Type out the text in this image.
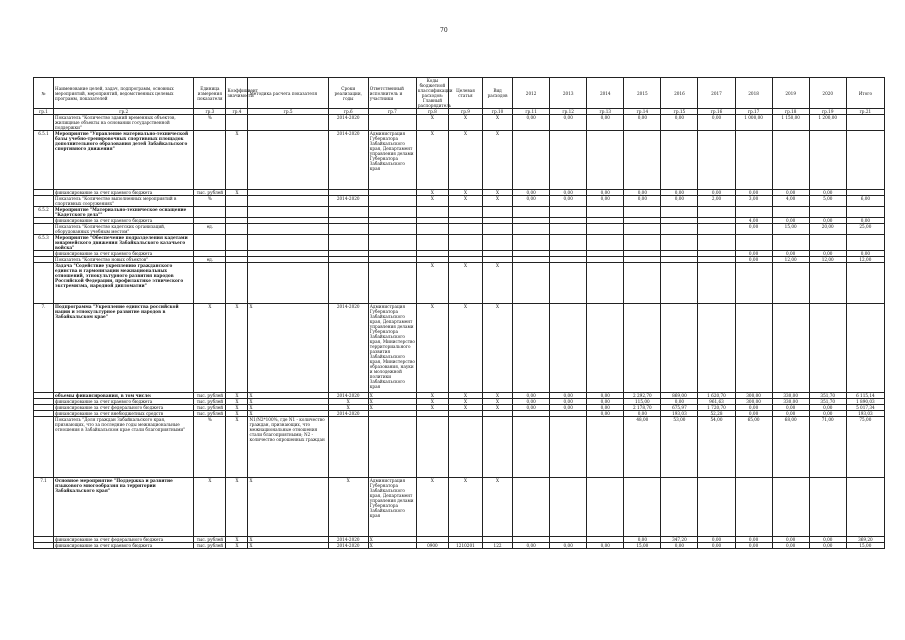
70
№	Наименование целей, задач, подпрограмм, основных мероприятий, мероприятий, ведомственных целевых программ, показателей	Единица измерения показателя	Коэффициент значимости	Методика расчета показателя	Сроки реализации, годы	Ответственный исполнитель и участники	Коды бюджетной классификации расходов: Главный распорядитель	Целевая статья	Вид расходов	2012	2013	2014	2015	2016	2017	2018	2019	2020	Итого
гр.1	гр.2	гр.3	гр.4	гр.5	гр.6	гр.7	гр.8	гр.9	гр.10	гр.11	гр.12	гр.13	гр.14	гр.15	гр.16	гр.17	гр.18	гр.19	гр.21
	Показатель "Количество зданий временных объектов, жилищные объекты на основании государственной поддержки"	%			2014-2020		X	X	X	0,00	0,00	0,00	0,00	0,00	0,00	1 000,00	1 150,00	1 200,00	
6.5.1	Мероприятие "Управление материально-технической базы учебно-тренировочных спортивных площадок дополнительного образования детей Забайкальского спортивного движения"		X		2014-2020	Администрация Губернатора Забайкальского края, Департамент управления делами Губернатора Забайкальского края	X	X	X										
	финансирование за счет краевого бюджета	тыс. рублей	X				X	X	X	0,00	0,00	0,00	0,00	0,00	0,00	0,00	0,00	0,00	
	Показатель "Количество выполненных мероприятий в спортивных сооружениях"	%			2014-2020		X	X	X	0,00	0,00	0,00	0,00	0,00	2,00	3,00	4,00	5,00	6,00
6.5.2	Мероприятие "Материально-техническое оснащение "Кадетского дела""																		
	финансирование за счет краевого бюджета															4,00	0,00	0,00	0,00
	Показатель "Количество кадетских организаций, оборудованных учебным местом"	ед.														0,00	15,00	20,00	25,00
6.5.3	Мероприятие "Обеспечение подразделения кадетами юнармейского движения Забайкальского казачьего войска"																		
	финансирование за счет краевого бюджета															0,00	0,00	0,00	0,00
	Показатель "Количество новых объектов"	ед.														0,00	12,00	12,00	12,00
	Задача "Содействие укреплению гражданского единства и гармонизации межнациональных отношений, этнокультурного развития народов Российской Федерации, профилактике этнического экстремизма, народной дипломатии"						X	X	X										
7.	Подпрограмма "Укрепление единства российской нации и этнокультурное развитие народов в Забайкальском крае"	X	X	X	2014-2020	Администрация Губернатора Забайкальского края, Департамент управления делами Губернатора Забайкальского края, Министерство территориального развития Забайкальского края, Министерство образования, науки и молодежной политики Забайкальского края	X	X	X										
	объемы финансирования, в том числе:	тыс. рублей	X	X	2014-2020	X	X	X	X	0,00	0,00	0,00	2 292,70	869,00	1 620,70	300,00	330,00	351,70	6 115,14
	финансирование за счет краевого бюджета	тыс. рублей	X	X	X	X	X	X	X	0,00	0,00	0,00	115,00	0,00	961,63	300,00	330,00	351,70	1 890,03
	финансирование за счет федерального бюджета	тыс. рублей	X	X	X	X	X	X	X	0,00	0,00	0,00	2 178,70	675,97	1 720,70	0,00	0,00	0,00	5 017,34
	финансирование за счет внебюджетных средств	тыс. рублей	X	X	2014-2020							0,00	0,00	193,03	52,28	0,00	0,00	0,00	193,03
	Показатель "Доля граждан Забайкальского края, признающих, что за последние годы межнациональные отношения в Забайкальском крае стали благоприятными"	%	X	N1/N2*100%, где N1 - количество граждан, признающих, что межнациональные отношения стали благоприятными; N2 - количество опрошенных граждан									48,00	53,00	54,00	65,00	68,00	71,00	75,00
7.1	Основное мероприятие "Поддержка и развитие языкового многообразия на территории Забайкальского края"	X	X	X	X	Администрация Губернатора Забайкальского края, Департамент управления делами Губернатора Забайкальского края	X	X	X										
	финансирование за счет федерального бюджета	тыс. рублей	X	X	2014-2020	X							0,00	347,20	0,00	0,00	0,00	0,00	369,20
	финансирование за счет краевого бюджета	тыс. рублей	X	X	2014-2020	X	0900	1210201	122	0,00	0,00	0,00	15,00	0,00	0,00	0,00	0,00	0,00	15,00
